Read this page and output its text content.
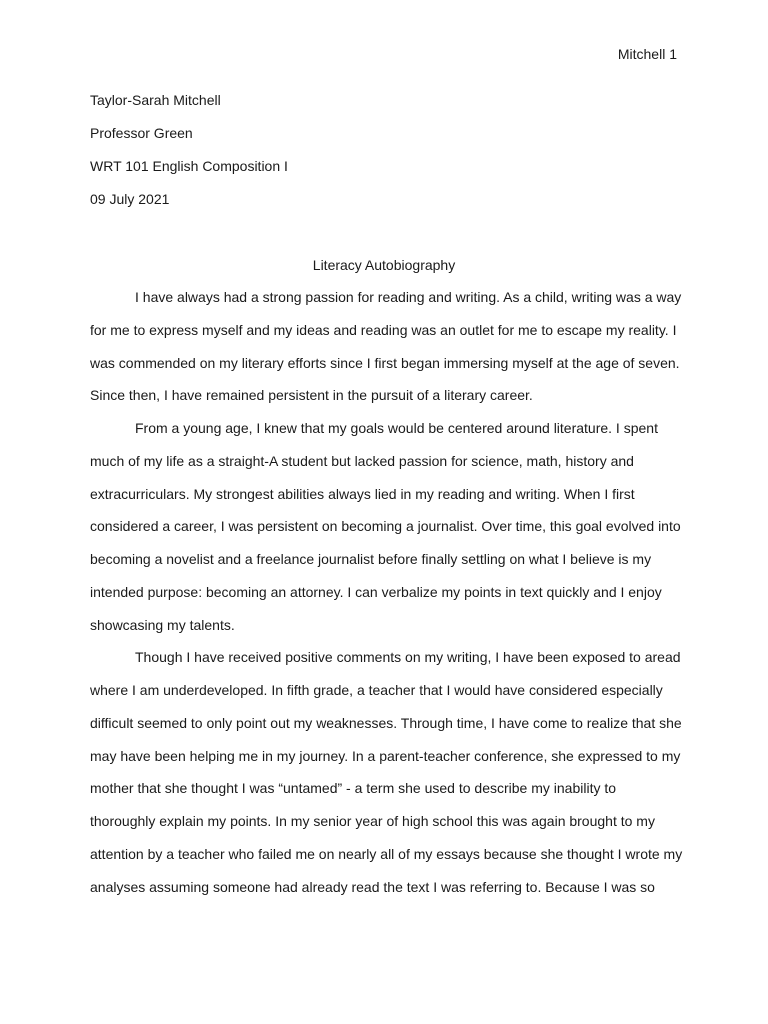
Mitchell 1
Taylor-Sarah Mitchell
Professor Green
WRT 101 English Composition I
09 July 2021
Literacy Autobiography
I have always had a strong passion for reading and writing. As a child, writing was a way
for me to express myself and my ideas and reading was an outlet for me to escape my reality. I
was commended on my literary efforts since I first began immersing myself at the age of seven.
Since then, I have remained persistent in the pursuit of a literary career.
From a young age, I knew that my goals would be centered around literature. I spent
much of my life as a straight-A student but lacked passion for science, math, history and
extracurriculars. My strongest abilities always lied in my reading and writing. When I first
considered a career, I was persistent on becoming a journalist. Over time, this goal evolved into
becoming a novelist and a freelance journalist before finally settling on what I believe is my
intended purpose: becoming an attorney. I can verbalize my points in text quickly and I enjoy
showcasing my talents.
Though I have received positive comments on my writing, I have been exposed to aread
where I am underdeveloped. In fifth grade, a teacher that I would have considered especially
difficult seemed to only point out my weaknesses. Through time, I have come to realize that she
may have been helping me in my journey. In a parent-teacher conference, she expressed to my
mother that she thought I was “untamed” - a term she used to describe my inability to
thoroughly explain my points. In my senior year of high school this was again brought to my
attention by a teacher who failed me on nearly all of my essays because she thought I wrote my
analyses assuming someone had already read the text I was referring to. Because I was so
